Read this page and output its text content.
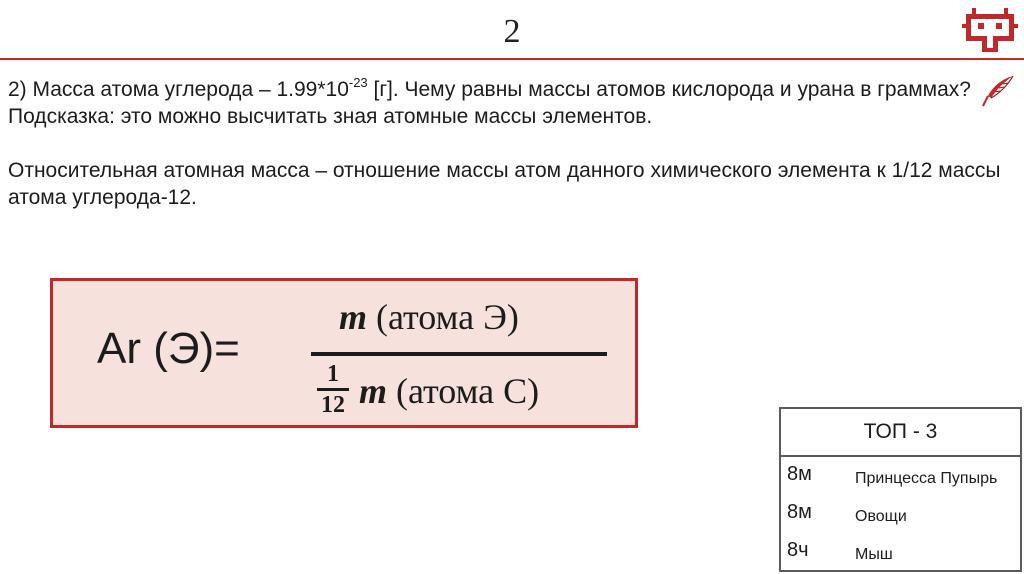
2

2) Масса атома углерода – $1.99*10^{-23}$ [г]. Чему равны массы атомов кислорода и урана в граммах?

Подсказка: это можно высчитать зная атомные массы элементов.

Относительная атомная масса – отношение массы атом данного химического элемента к 1/12 массы атома углерода-12.

Ar (Э)=
m (атома Э)
1
12 m (атома С)
ТОП - 3
8м	Принцесса Пупырь
8м	Овощи
8ч	Мыш
